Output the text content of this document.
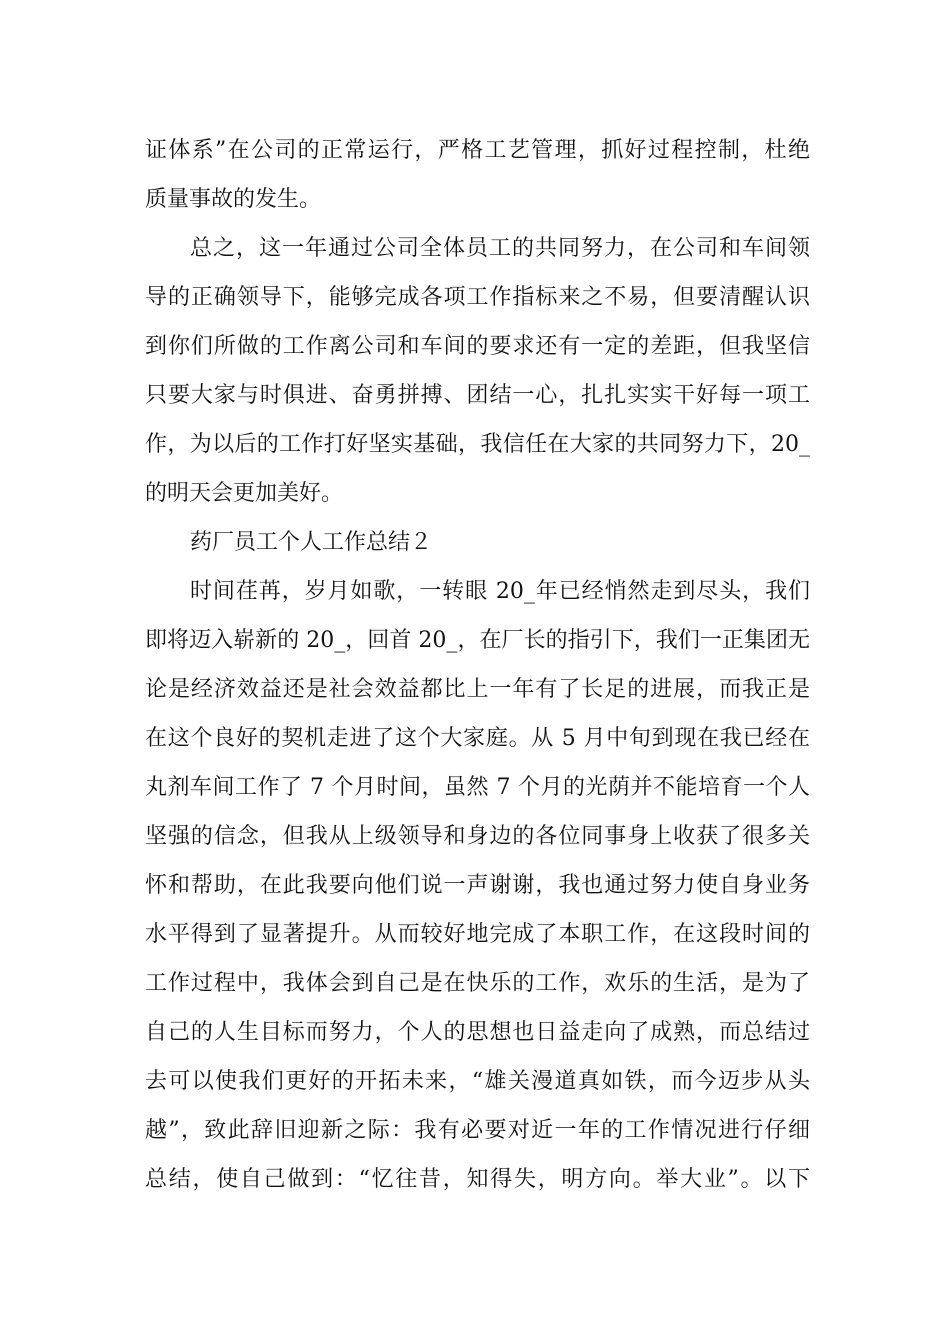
证体系”在公司的正常运行，严格工艺管理，抓好过程控制，杜绝
质量事故的发生。
总之，这一年通过公司全体员工的共同努力，在公司和车间领
导的正确领导下，能够完成各项工作指标来之不易，但要清醒认识
到你们所做的工作离公司和车间的要求还有一定的差距，但我坚信
只要大家与时俱进、奋勇拼搏、团结一心，扎扎实实干好每一项工
作，为以后的工作打好坚实基础，我信任在大家的共同努力下，20_
的明天会更加美好。
药厂员工个人工作总结２
时间荏苒，岁月如歌，一转眼 20_年已经悄然走到尽头，我们
即将迈入崭新的 20_，回首 20_，在厂长的指引下，我们一正集团无
论是经济效益还是社会效益都比上一年有了长足的进展，而我正是
在这个良好的契机走进了这个大家庭。从 5 月中旬到现在我已经在
丸剂车间工作了 7 个月时间，虽然 7 个月的光荫并不能培育一个人
坚强的信念，但我从上级领导和身边的各位同事身上收获了很多关
怀和帮助，在此我要向他们说一声谢谢，我也通过努力使自身业务
水平得到了显著提升。从而较好地完成了本职工作，在这段时间的
工作过程中，我体会到自己是在快乐的工作，欢乐的生活，是为了
自己的人生目标而努力，个人的思想也日益走向了成熟，而总结过
去可以使我们更好的开拓未来，“雄关漫道真如铁，而今迈步从头
越”，致此辞旧迎新之际：我有必要对近一年的工作情况进行仔细
总结，使自己做到：“忆往昔，知得失，明方向。举大业”。以下
